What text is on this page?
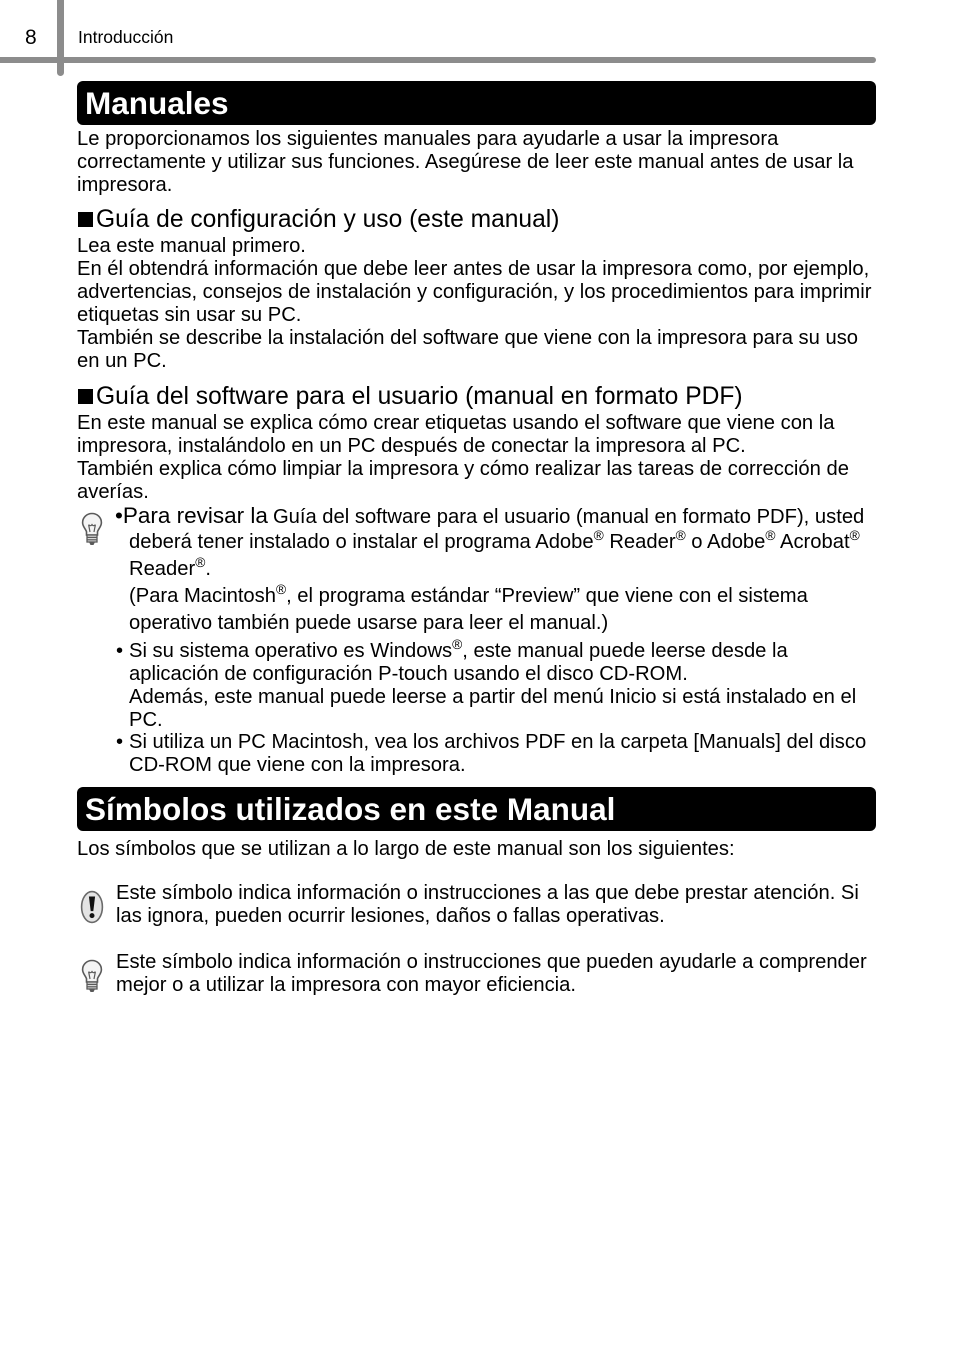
8 Introducción
Manuales
Le proporcionamos los siguientes manuales para ayudarle a usar la impresora
correctamente y utilizar sus funciones. Asegúrese de leer este manual antes de usar la
impresora.
Guía de configuración y uso (este manual)
Lea este manual primero.
En él obtendrá información que debe leer antes de usar la impresora como, por ejemplo,
advertencias, consejos de instalación y configuración, y los procedimientos para imprimir
etiquetas sin usar su PC.
También se describe la instalación del software que viene con la impresora para su uso
en un PC.
Guía del software para el usuario (manual en formato PDF)
En este manual se explica cómo crear etiquetas usando el software que viene con la
impresora, instalándolo en un PC después de conectar la impresora al PC.
También explica cómo limpiar la impresora y cómo realizar las tareas de corrección de
averías.
•Para revisar la Guía del software para el usuario (manual en formato PDF), usted
deberá tener instalado o instalar el programa Adobe® Reader® o Adobe® Acrobat®
Reader®.
(Para Macintosh®, el programa estándar “Preview” que viene con el sistema
operativo también puede usarse para leer el manual.)
• Si su sistema operativo es Windows®, este manual puede leerse desde la
aplicación de configuración P-touch usando el disco CD-ROM.
Además, este manual puede leerse a partir del menú Inicio si está instalado en el
PC.
• Si utiliza un PC Macintosh, vea los archivos PDF en la carpeta [Manuals] del disco
CD-ROM que viene con la impresora.
Símbolos utilizados en este Manual
Los símbolos que se utilizan a lo largo de este manual son los siguientes:
Este símbolo indica información o instrucciones a las que debe prestar atención. Si
las ignora, pueden ocurrir lesiones, daños o fallas operativas.
Este símbolo indica información o instrucciones que pueden ayudarle a comprender
mejor o a utilizar la impresora con mayor eficiencia.
